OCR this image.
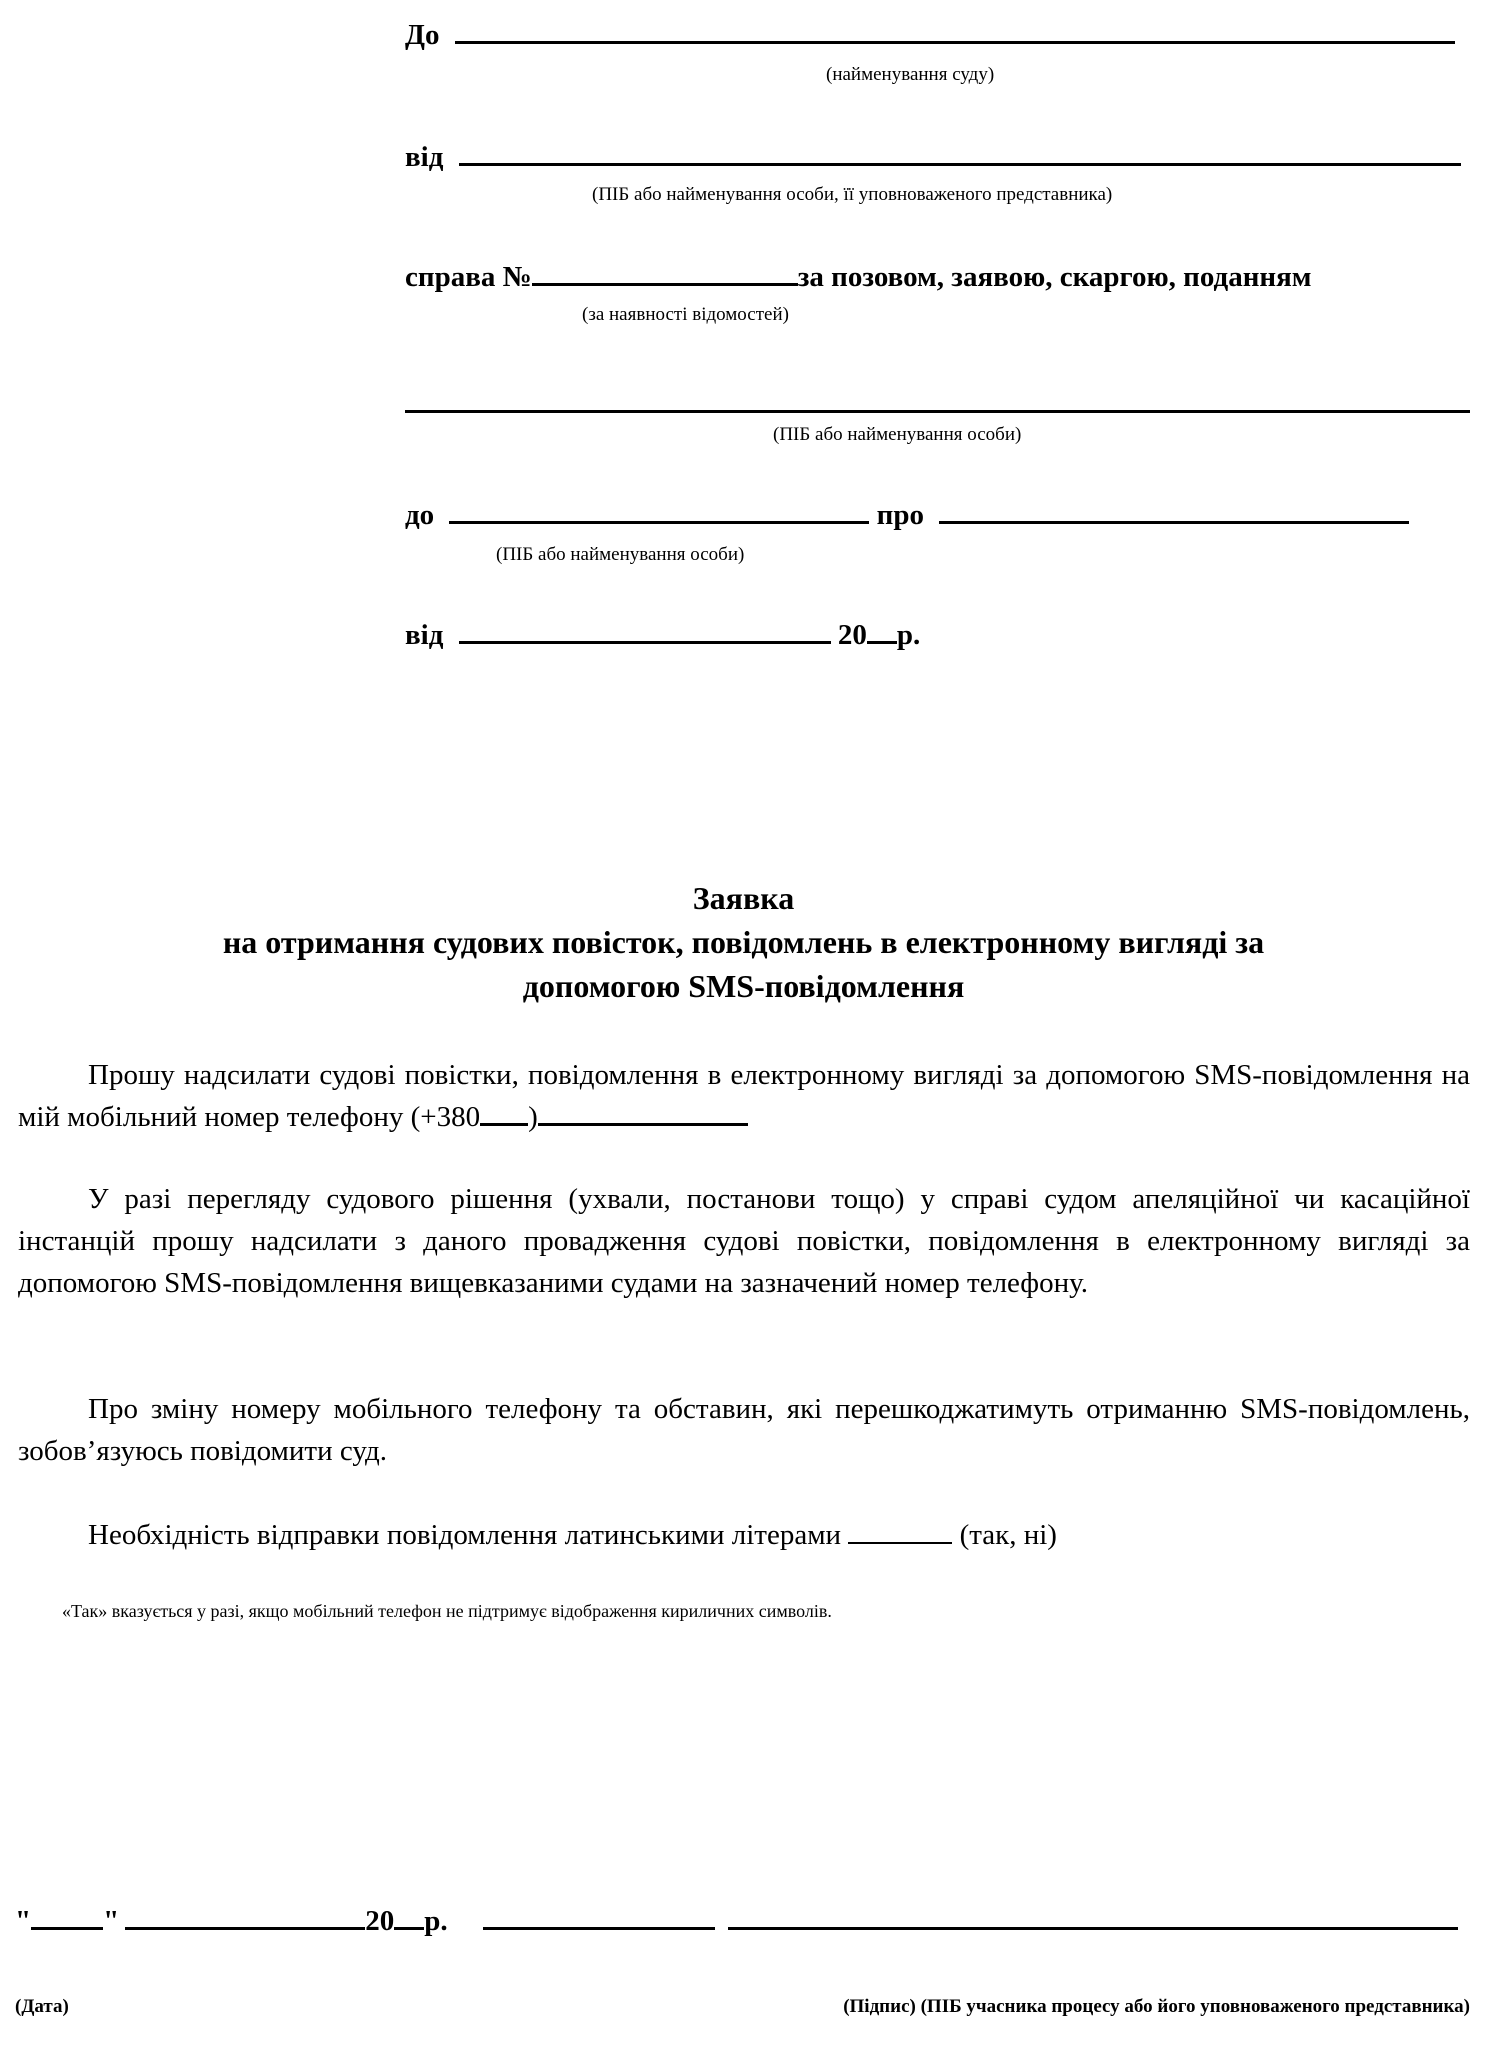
До
(найменування суду)
від
(ПІБ або найменування особи, її уповноваженого представника)
справа №	за позовом, заявою, скаргою, поданням
(за наявності відомостей)
(ПІБ або найменування особи)
до	про
(ПІБ або найменування особи)
від	20 р.
Заявка
на отримання судових повісток, повідомлень в електронному вигляді за
допомогою SMS-повідомлення
Прошу надсилати судові повістки, повідомлення в електронному вигляді за допомогою SMS-повідомлення на мій мобільний номер телефону (+380 )
У разі перегляду судового рішення (ухвали, постанови тощо) у справі судом апеляційної чи касаційної інстанцій прошу надсилати з даного провадження судові повістки, повідомлення в електронному вигляді за допомогою SMS-повідомлення вищевказаними судами на зазначений номер телефону.
Про зміну номеру мобільного телефону та обставин, які перешкоджатимуть отриманню SMS-повідомлень, зобов’язуюсь повідомити суд.
Необхідність відправки повідомлення латинськими літерами	(так, ні)
«Так» вказується у разі, якщо мобільний телефон не підтримує відображення кириличних символів.
" "	20 р.
(Дата)	(Підпис) (ПІБ учасника процесу або його уповноваженого представника)
